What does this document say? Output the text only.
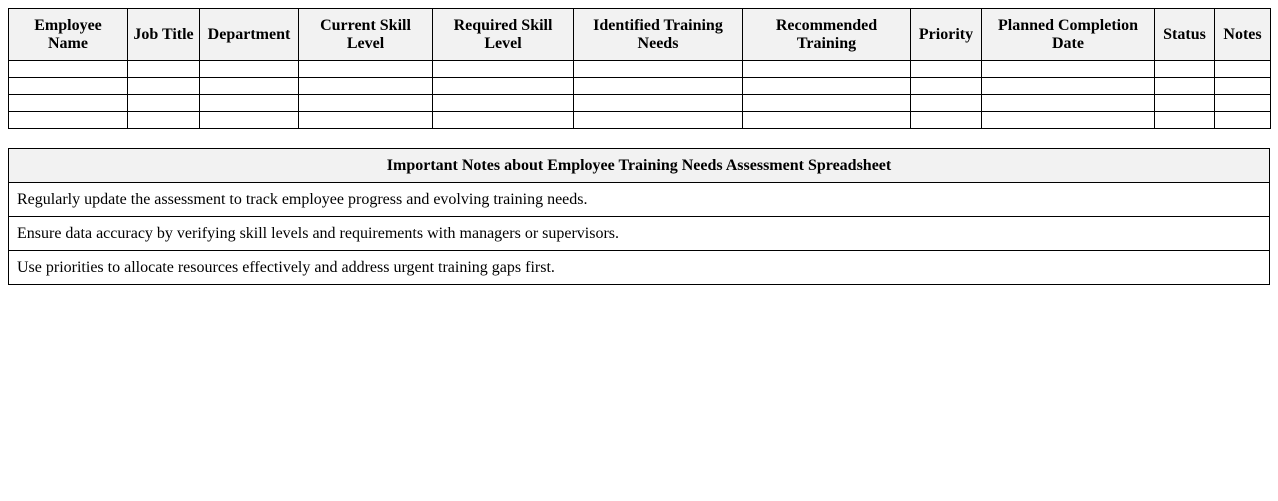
Employee Name	Job Title	Department	Current Skill Level	Required Skill Level	Identified Training Needs	Recommended Training	Priority	Planned Completion Date	Status	Notes

Important Notes about Employee Training Needs Assessment Spreadsheet
Regularly update the assessment to track employee progress and evolving training needs.
Ensure data accuracy by verifying skill levels and requirements with managers or supervisors.
Use priorities to allocate resources effectively and address urgent training gaps first.
